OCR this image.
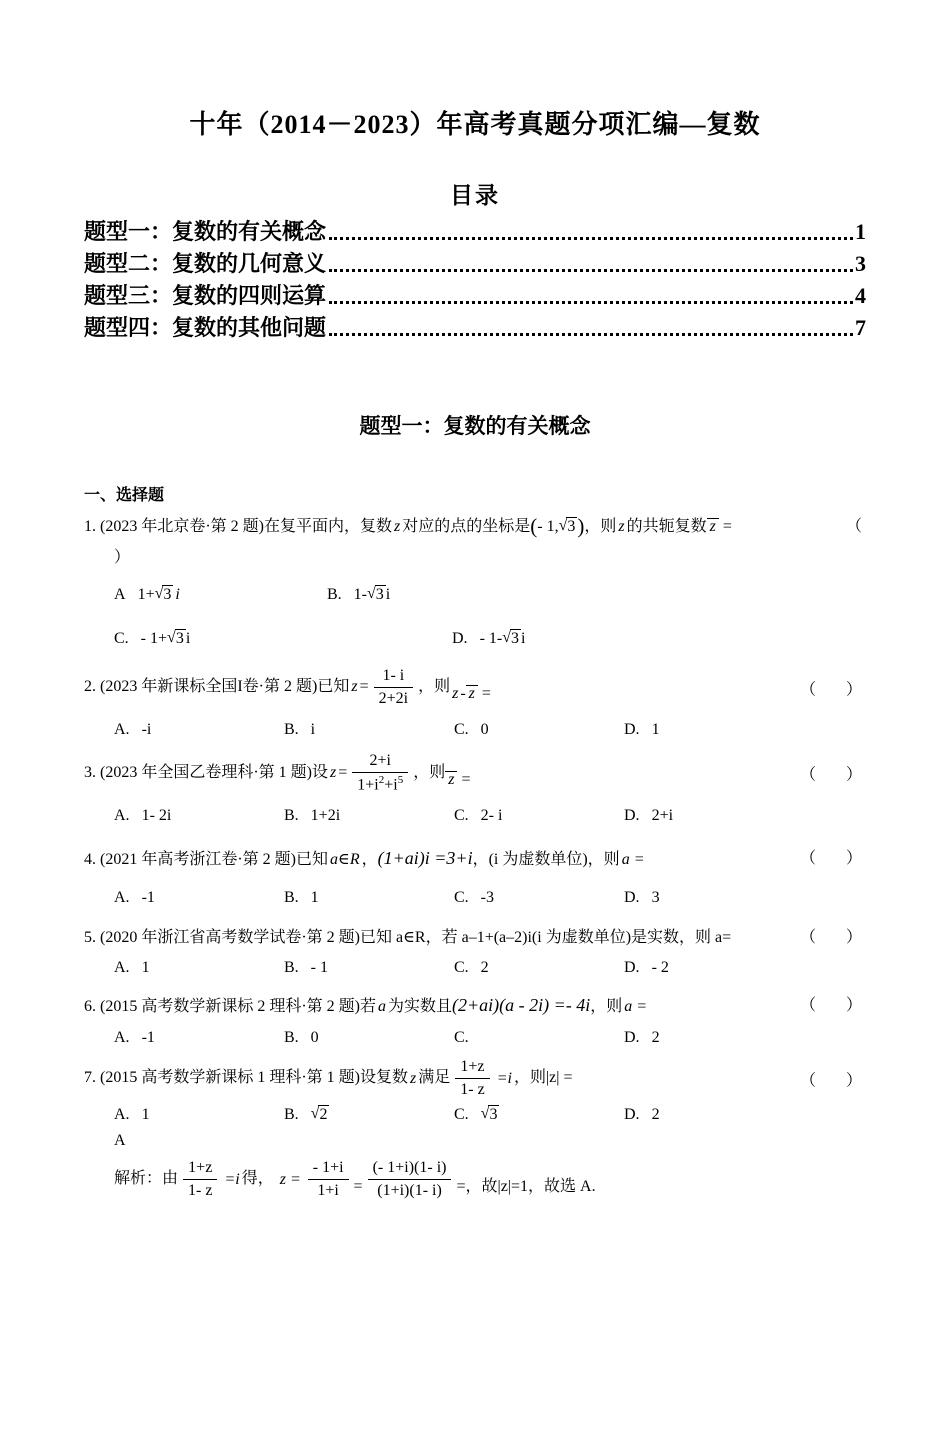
十年（2014－2023）年高考真题分项汇编—复数
目录
题型一：复数的有关概念	1
题型二：复数的几何意义	3
题型三：复数的四则运算	4
题型四：复数的其他问题	7
题型一：复数的有关概念
一、选择题
1. (2023 年北京卷·第 2 题)在复平面内，复数 z 对应的点的坐标是(- 1,√3)，则 z 的共轭复数 z =	（
）
A 1+ √3 i	B. 1- √3 i
C. - 1+ √3 i	D. - 1- √3 i
2. (2023 年新课标全国I卷·第 2 题)已知 $z = \frac{1- i}{2+2i}$ ，则 z - z =	（ ）
A. -i	B. i	C. 0	D. 1
3. (2023 年全国乙卷理科·第 1 题)设 $z = \frac{2+i}{1+i^2+i^5}$ ，则 z =	（ ）
A. 1- 2i	B. 1+2i	C. 2- i	D. 2+i
4. (2021 年高考浙江卷·第 2 题)已知 a∈R ，(1+ai)i =3+i，(i 为虚数单位)，则 a =	（ ）
A. -1	B. 1	C. -3	D. 3
5. (2020 年浙江省高考数学试卷·第 2 题)已知 a∈R，若 a–1+(a–2)i(i 为虚数单位)是实数，则 a=	（ ）
A. 1	B. - 1	C. 2	D. - 2
6. (2015 高考数学新课标 2 理科·第 2 题)若 a 为实数且(2+ai)(a - 2i) =- 4i，则 a =	（ ）
A. -1	B. 0	C.	D. 2
7. (2015 高考数学新课标 1 理科·第 1 题)设复数 z 满足 $\frac{1+z}{1- z} =i$ ，则|z| =	（ ）
A. 1	B. √2	C. √3	D. 2
A
解析：由 $\frac{1+z}{1- z} =i$ 得， $z = \frac{- 1+i}{1+i} = \frac{(- 1+i)(1- i)}{(1+i)(1- i)}$ =，故|z|=1，故选 A.
